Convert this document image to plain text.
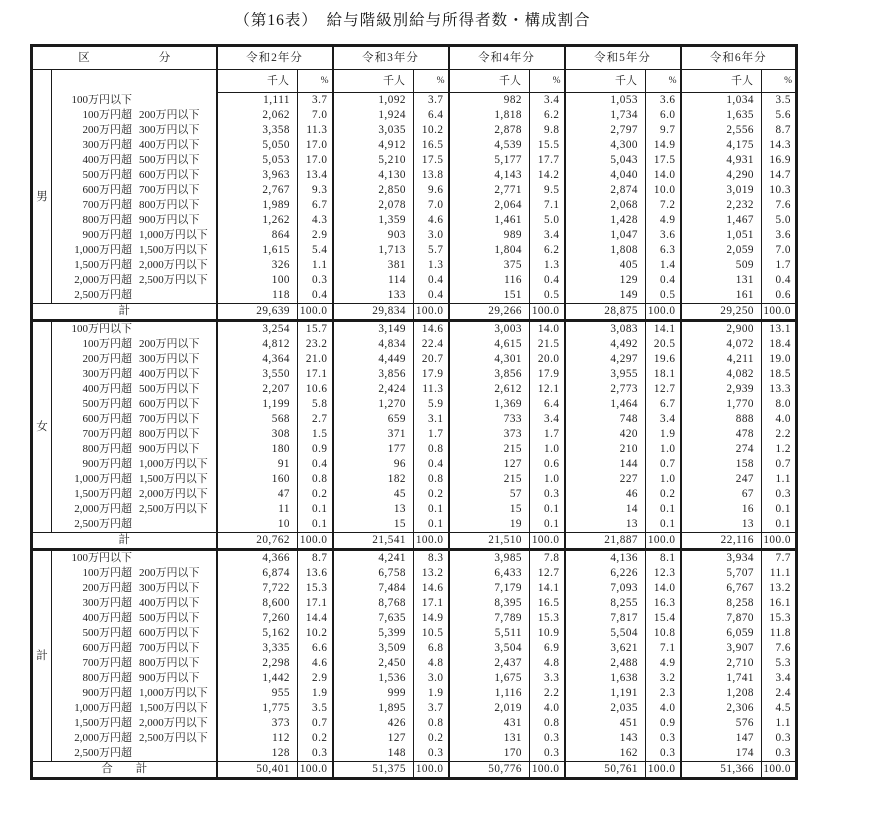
（第16表）　給与階級別給与所得者数・構成割合
区　　　　　　分		令和2年分		令和3年分		令和4年分		令和5年分		令和6年分	
		千人	%	千人	%	千人	%	千人	%	千人	%
男	100万円以下	1,111	3.7	1,092	3.7	982	3.4	1,053	3.6	1,034	3.5
	100万円超 200万円以下	2,062	7.0	1,924	6.4	1,818	6.2	1,734	6.0	1,635	5.6
	200万円超 300万円以下	3,358	11.3	3,035	10.2	2,878	9.8	2,797	9.7	2,556	8.7
	300万円超 400万円以下	5,050	17.0	4,912	16.5	4,539	15.5	4,300	14.9	4,175	14.3
	400万円超 500万円以下	5,053	17.0	5,210	17.5	5,177	17.7	5,043	17.5	4,931	16.9
	500万円超 600万円以下	3,963	13.4	4,130	13.8	4,143	14.2	4,040	14.0	4,290	14.7
	600万円超 700万円以下	2,767	9.3	2,850	9.6	2,771	9.5	2,874	10.0	3,019	10.3
	700万円超 800万円以下	1,989	6.7	2,078	7.0	2,064	7.1	2,068	7.2	2,232	7.6
	800万円超 900万円以下	1,262	4.3	1,359	4.6	1,461	5.0	1,428	4.9	1,467	5.0
	900万円超 1,000万円以下	864	2.9	903	3.0	989	3.4	1,047	3.6	1,051	3.6
	1,000万円超 1,500万円以下	1,615	5.4	1,713	5.7	1,804	6.2	1,808	6.3	2,059	7.0
	1,500万円超 2,000万円以下	326	1.1	381	1.3	375	1.3	405	1.4	509	1.7
	2,000万円超 2,500万円以下	100	0.3	114	0.4	116	0.4	129	0.4	131	0.4
	2,500万円超	118	0.4	133	0.4	151	0.5	149	0.5	161	0.6
計		29,639	100.0	29,834	100.0	29,266	100.0	28,875	100.0	29,250	100.0
女	100万円以下	3,254	15.7	3,149	14.6	3,003	14.0	3,083	14.1	2,900	13.1
	100万円超 200万円以下	4,812	23.2	4,834	22.4	4,615	21.5	4,492	20.5	4,072	18.4
	200万円超 300万円以下	4,364	21.0	4,449	20.7	4,301	20.0	4,297	19.6	4,211	19.0
	300万円超 400万円以下	3,550	17.1	3,856	17.9	3,856	17.9	3,955	18.1	4,082	18.5
	400万円超 500万円以下	2,207	10.6	2,424	11.3	2,612	12.1	2,773	12.7	2,939	13.3
	500万円超 600万円以下	1,199	5.8	1,270	5.9	1,369	6.4	1,464	6.7	1,770	8.0
	600万円超 700万円以下	568	2.7	659	3.1	733	3.4	748	3.4	888	4.0
	700万円超 800万円以下	308	1.5	371	1.7	373	1.7	420	1.9	478	2.2
	800万円超 900万円以下	180	0.9	177	0.8	215	1.0	210	1.0	274	1.2
	900万円超 1,000万円以下	91	0.4	96	0.4	127	0.6	144	0.7	158	0.7
	1,000万円超 1,500万円以下	160	0.8	182	0.8	215	1.0	227	1.0	247	1.1
	1,500万円超 2,000万円以下	47	0.2	45	0.2	57	0.3	46	0.2	67	0.3
	2,000万円超 2,500万円以下	11	0.1	13	0.1	15	0.1	14	0.1	16	0.1
	2,500万円超	10	0.1	15	0.1	19	0.1	13	0.1	13	0.1
計		20,762	100.0	21,541	100.0	21,510	100.0	21,887	100.0	22,116	100.0
計	100万円以下	4,366	8.7	4,241	8.3	3,985	7.8	4,136	8.1	3,934	7.7
	100万円超 200万円以下	6,874	13.6	6,758	13.2	6,433	12.7	6,226	12.3	5,707	11.1
	200万円超 300万円以下	7,722	15.3	7,484	14.6	7,179	14.1	7,093	14.0	6,767	13.2
	300万円超 400万円以下	8,600	17.1	8,768	17.1	8,395	16.5	8,255	16.3	8,258	16.1
	400万円超 500万円以下	7,260	14.4	7,635	14.9	7,789	15.3	7,817	15.4	7,870	15.3
	500万円超 600万円以下	5,162	10.2	5,399	10.5	5,511	10.9	5,504	10.8	6,059	11.8
	600万円超 700万円以下	3,335	6.6	3,509	6.8	3,504	6.9	3,621	7.1	3,907	7.6
	700万円超 800万円以下	2,298	4.6	2,450	4.8	2,437	4.8	2,488	4.9	2,710	5.3
	800万円超 900万円以下	1,442	2.9	1,536	3.0	1,675	3.3	1,638	3.2	1,741	3.4
	900万円超 1,000万円以下	955	1.9	999	1.9	1,116	2.2	1,191	2.3	1,208	2.4
	1,000万円超 1,500万円以下	1,775	3.5	1,895	3.7	2,019	4.0	2,035	4.0	2,306	4.5
	1,500万円超 2,000万円以下	373	0.7	426	0.8	431	0.8	451	0.9	576	1.1
	2,000万円超 2,500万円以下	112	0.2	127	0.2	131	0.3	143	0.3	147	0.3
	2,500万円超	128	0.3	148	0.3	170	0.3	162	0.3	174	0.3
合　　計		50,401	100.0	51,375	100.0	50,776	100.0	50,761	100.0	51,366	100.0
